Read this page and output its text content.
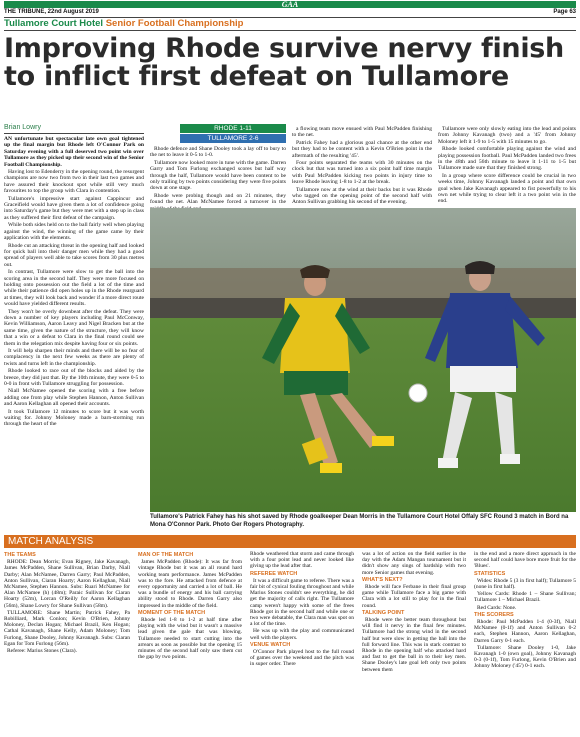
GAA
THE TRIBUNE, 22nd August 2019	Page 63
Tullamore Court Hotel Senior Football Championship
Improving Rhode survive nervy finish to inflict first defeat on Tullamore
Brian Lowry

AN unfortunate but spectacular late own goal tightened up the final margin but Rhode left O'Connor Park on Saturday evening with a full deserved two point win over Tullamore as they picked up their second win of the Senior Football Championship.

Having lost to Edenderry in the opening round, the resurgent champions are now two from two in their last two games and have assured their knockout spot while still very much favourites to top the group with Clara in contention.

Tullamore's impressive start against Cappincur and Graceifield would have given them a lot of confidence going into Saturday's game but they were met with a step up in class as they suffered their first defeat of the campaign.

While both sides held on to the ball fairly well when playing against the wind, the winning of the game came by their application with the elements.

Rhode cut an attacking threat in the opening half and looked for quick ball into their danger men while they had a good spread of players well able to take scores from 30 plus metres out.

In contrast, Tullamore were slow to get the ball into the scoring area in the second half. They were more focused on holding onto possession out the field a lot of the time and while their patience did open holes up in the Rhode rearguard at times, they will look back and wonder if a more direct route would have yielded different results.

They won't be overly downbeat after the defeat. They were down a number of key players including Paul McConway, Kevin Williamson, Aaron Leavy and Nigel Bracken but at the same time, given the nature of the structure, they will know that a win or a defeat to Clara in the final round could see them in the relegation mix despite having four or six points.

It will help sharpen their minds and there will be no fear of complacency in the next few weeks as there are plenty of twists and turns left in the championship.

Rhode looked to race out of the blocks and aided by the breeze, they did just that. By the 10th minute, they were 0-5 to 0-0 in front with Tullamore struggling for possession.

Niall McNamee opened the scoring with a free before adding one from play while Stephen Hannon, Anton Sullivan and Aaron Kellaghan all opened their accounts.

It took Tullamore 12 minutes to score but it was worth waiting for. Johnny Moloney made a barn-storming run through the heart of the

RHODE 1-11
TULLAMORE 2-6

Rhode defence and Shane Dooley took a lay off to bury to the net to leave it 0-5 to 1-0.

Tullamore now looked more in tune with the game. Darren Garry and Tom Furlong exchanged scores but half way through the half, Tullamore would have been content to be only trailing by two points considering they were five points down at one stage.

Rhode were probing though and on 21 minutes, they found the net. Alan McNamee forced a turnover in the

a flowing team move ensued with Paul McPadden finishing to the net.

Patrick Fahey had a glorious goal chance at the other end but they had to be content with a Kevin O'Brien point in the aftermath of the resulting '45'.

Four points separated the teams with 30 minutes on the clock but that was turned into a six point half time margin with Paul McPadden kicking two points in injury time to leave Rhode leaving 1-8 to 1-2 at the break.

Tullamore now at the wind at their backs but it was Rhode who tagged on the opening point of the second half with Anton Sullivan grabbing his second of the evening.

Tullamore were only slowly eating into the lead and points from Johnny Kavanagh (two) and a '45' from Johnny Moloney left it 1-9 to 1-5 with 15 minutes to go.

Rhode looked comfortable playing against the wind and playing possession football. Paul McPadden landed two frees in the 48th and 56th minute to leave it 1-11 to 1-5 but Tullamore made sure that they finished strong.

In a group where score difference could be crucial in two weeks time, Johnny Kavanagh landed a point and that own goal when Jake Kavanagh appeared to fist powerfully to his own net while trying to clear left it a two point win in the end.

Tullamore's Patrick Fahey has his shot saved by Rhode goalkeeper Dean Morris in the Tullamore Court Hotel Offaly SFC Round 3 match in Bord na Mona O'Connor Park. Photo Ger Rogers Photography.
MATCH ANALYSIS
THE TEAMS

RHODE: Dean Morris; Evan Rigney, Jake Kavanagh, James McPadden, Shane Sullivan, Brian Darby, Niall Darby; Alan McNamee, Darren Garry; Paul McPadden, Anton Sullivan, Ciaran Hoarty; Aaron Kellaghan, Niall McNamee, Stephen Hannon. Subs: Ruari McNamee for Alan McNamee (h) (48m); Paraic Sullivan for Ciaran Hoarty (52m), Lorcan O'Reilly for Aaron Kellaghan (56m), Shane Lowry for Shane Sullivan (58m).

TULLAMORE: Shane Martin; Patrick Fahey, Pa Robilliard, Mark Conlon; Kevin O'Brien, Johnny Moloney, Declan Hogan; Michael Brazil, Ken Hogan; Cathal Kavanagh, Shane Kelly, Adam Moloney; Tom Furlong, Shane Dooley, Johnny Kavanagh. Subs: Ciaran Egan for Tom Furlong (56m).

Referee: Marius Stones (Clara).

MAN OF THE MATCH

James McPadden (Rhode): It was far from vintage Rhode but it was an all round hard working team performance. James McPadden was to the fore. He attacked from defence at every opportunity and carried a lot of ball. He was a bundle of energy and his ball carrying ability stood to Rhode. Darren Garry also impressed in the middle of the field.

MOMENT OF THE MATCH

Rhode led 1-8 to 1-2 at half time after playing with the wind but it wasn't a massive lead given the gale that was blowing. Tullamore needed to start cutting into the arrears as soon as possible but the opening 15 minutes of the second half only saw them cut the gap by two points.

Rhode weathered that storm and came through with a four point lead and never looked like giving up the lead after that.

REFEREE WATCH

It was a difficult game to referee. There was a fair bit of cynical fouling throughout and while Marius Stones couldn't see everything, he did get the majority of calls right. The Tullamore camp weren't happy with some of the frees Rhode got in the second half and while one or two were debatable, the Clara man was spot on a lot of the time.

He was up with the play and communicated well with the players.

VENUE WATCH

O'Connor Park played host to the full round of games over the weekend and the pitch was in super order. There

was a lot of action on the field earlier in the day with the Adam Mangan tournament but it didn't show any sings of hardship with two more Senior games that evening.

WHAT'S NEXT?

Rhode will face Ferbane in their final group game while Tullamore face a big game with Clara with a lot still to play for in the final round.

TALKING POINT

Rhode were the better team throughout but will find it nervy in the final few minutes. Tullamore had the strong wind in the second half but were slow in getting the ball into the full forward line. This was in stark contrast to Rhode in the opening half who attacked hard and fast to get the ball in to their key men. Shane Dooley's late goal left only two points between them

in the end and a more direct approach in the second half could have bore more fruit for the 'Blues'.

STATISTICS

Wides: Rhode 5 (3 in first half); Tullamore 5 (none in first half).

Yellow Cards: Rhode 1 – Shane Sullivan; Tullamore 1 – Michael Brazil.

Red Cards: None.

THE SCORERS

Rhode: Paul McPadden 1-4 (0-3f), Niall McNamee (0-1f) and Anton Sullivan 0-2 each, Stephen Hannon, Aaron Kellaghan, Darren Garry 0-1 each.

Tullamore: Shane Dooley 1-0, Jake Kavanagh 1-0 (own goal), Johnny Kavanagh 0-3 (0-1f), Tom Furlong, Kevin O'Brien and Johnny Moloney ('45') 0-1 each.
